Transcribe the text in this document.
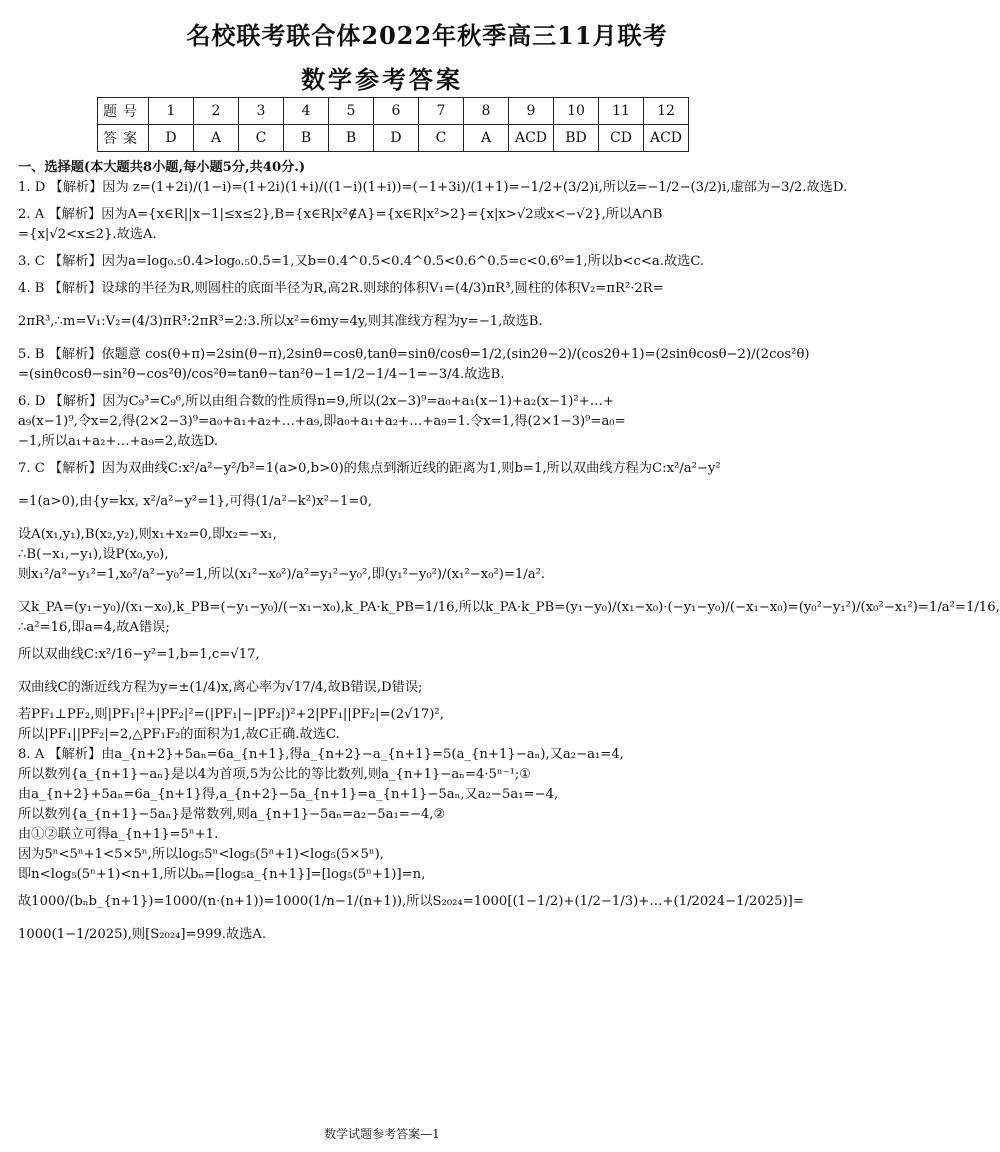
名校联考联合体2022年秋季高三11月联考
数学参考答案
题号	1	2	3	4	5	6	7	8	9	10	11	12
答案	D	A	C	B	B	D	C	A	ACD	BD	CD	ACD
一、选择题(本大题共8小题,每小题5分,共40分.)
1. D 【解析】因为 z=(1+2i)/(1−i)=(1+2i)(1+i)/((1−i)(1+i))=(−1+3i)/(1+1)=−1/2+(3/2)i,所以z̄=−1/2−(3/2)i,虚部为−3/2.故选D.
2. A 【解析】因为A={x∈R||x−1|≤x≤2},B={x∈R|x²∉A}={x∈R|x²>2}={x|x>√2或x<−√2},所以A∩B
={x|√2<x≤2}.故选A.
3. C 【解析】因为a=log₀.₅0.4>log₀.₅0.5=1,又b=0.4^0.5<0.4^0.5<0.6^0.5=c<0.6⁰=1,所以b<c<a.故选C.
4. B 【解析】设球的半径为R,则圆柱的底面半径为R,高2R.则球的体积V₁=(4/3)πR³,圆柱的体积V₂=πR²·2R=
2πR³,∴m=V₁:V₂=(4/3)πR³:2πR³=2:3.所以x²=6my=4y,则其准线方程为y=−1,故选B.
5. B 【解析】依题意 cos(θ+π)=2sin(θ−π),2sinθ=cosθ,tanθ=sinθ/cosθ=1/2,(sin2θ−2)/(cos2θ+1)=(2sinθcosθ−2)/(2cos²θ)
=(sinθcosθ−sin²θ−cos²θ)/cos²θ=tanθ−tan²θ−1=1/2−1/4−1=−3/4.故选B.
6. D 【解析】因为C₉³=C₉⁶,所以由组合数的性质得n=9,所以(2x−3)⁹=a₀+a₁(x−1)+a₂(x−1)²+…+
a₉(x−1)⁹,令x=2,得(2×2−3)⁹=a₀+a₁+a₂+…+a₉,即a₀+a₁+a₂+…+a₉=1.令x=1,得(2×1−3)⁹=a₀=
−1,所以a₁+a₂+…+a₉=2,故选D.
7. C 【解析】因为双曲线C:x²/a²−y²/b²=1(a>0,b>0)的焦点到渐近线的距离为1,则b=1,所以双曲线方程为C:x²/a²−y²
=1(a>0),由{y=kx, x²/a²−y²=1},可得(1/a²−k²)x²−1=0,
设A(x₁,y₁),B(x₂,y₂),则x₁+x₂=0,即x₂=−x₁,
∴B(−x₁,−y₁),设P(x₀,y₀),
则x₁²/a²−y₁²=1,x₀²/a²−y₀²=1,所以(x₁²−x₀²)/a²=y₁²−y₀²,即(y₁²−y₀²)/(x₁²−x₀²)=1/a².
又k_PA=(y₁−y₀)/(x₁−x₀),k_PB=(−y₁−y₀)/(−x₁−x₀),k_PA·k_PB=1/16,所以k_PA·k_PB=(y₁−y₀)/(x₁−x₀)·(−y₁−y₀)/(−x₁−x₀)=(y₀²−y₁²)/(x₀²−x₁²)=1/a²=1/16,
∴a²=16,即a=4,故A错误;
所以双曲线C:x²/16−y²=1,b=1,c=√17,
双曲线C的渐近线方程为y=±(1/4)x,离心率为√17/4,故B错误,D错误;
若PF₁⊥PF₂,则|PF₁|²+|PF₂|²=(|PF₁|−|PF₂|)²+2|PF₁||PF₂|=(2√17)²,
所以|PF₁||PF₂|=2,△PF₁F₂的面积为1,故C正确.故选C.
8. A 【解析】由a_{n+2}+5aₙ=6a_{n+1},得a_{n+2}−a_{n+1}=5(a_{n+1}−aₙ),又a₂−a₁=4,
所以数列{a_{n+1}−aₙ}是以4为首项,5为公比的等比数列,则a_{n+1}−aₙ=4·5ⁿ⁻¹;①
由a_{n+2}+5aₙ=6a_{n+1}得,a_{n+2}−5a_{n+1}=a_{n+1}−5aₙ,又a₂−5a₁=−4,
所以数列{a_{n+1}−5aₙ}是常数列,则a_{n+1}−5aₙ=a₂−5a₁=−4,②
由①②联立可得a_{n+1}=5ⁿ+1.
因为5ⁿ<5ⁿ+1<5×5ⁿ,所以log₅5ⁿ<log₅(5ⁿ+1)<log₅(5×5ⁿ),
即n<log₅(5ⁿ+1)<n+1,所以bₙ=[log₅a_{n+1}]=[log₅(5ⁿ+1)]=n,
故1000/(bₙb_{n+1})=1000/(n·(n+1))=1000(1/n−1/(n+1)),所以S₂₀₂₄=1000[(1−1/2)+(1/2−1/3)+…+(1/2024−1/2025)]=
1000(1−1/2025),则[S₂₀₂₄]=999.故选A.
数学试题参考答案—1
